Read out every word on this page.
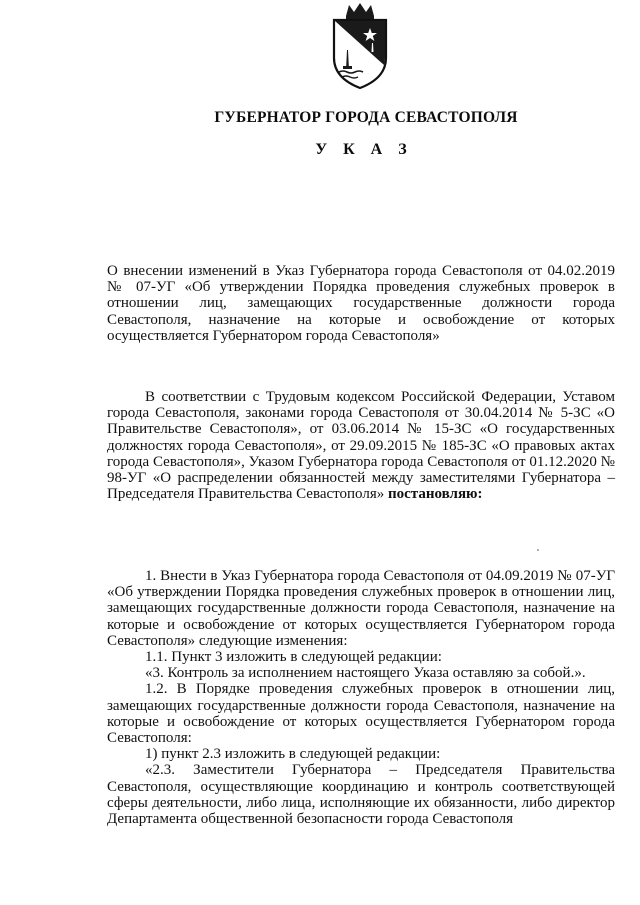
ГУБЕРНАТОР ГОРОДА СЕВАСТОПОЛЯ
У К А З

О внесении изменений в Указ Губернатора города Севастополя от 04.02.2019 № 07-УГ «Об утверждении Порядка проведения служебных проверок в отношении лиц, замещающих государственные должности города Севастополя, назначение на которые и освобождение от которых осуществляется Губернатором города Севастополя»

В соответствии с Трудовым кодексом Российской Федерации, Уставом города Севастополя, законами города Севастополя от 30.04.2014 № 5-ЗС «О Правительстве Севастополя», от 03.06.2014 № 15-ЗС «О государственных должностях города Севастополя», от 29.09.2015 № 185-ЗС «О правовых актах города Севастополя», Указом Губернатора города Севастополя от 01.12.2020 № 98-УГ «О распределении обязанностей между заместителями Губернатора – Председателя Правительства Севастополя» постановляю:

1. Внести в Указ Губернатора города Севастополя от 04.09.2019 № 07-УГ «Об утверждении Порядка проведения служебных проверок в отношении лиц, замещающих государственные должности города Севастополя, назначение на которые и освобождение от которых осуществляется Губернатором города Севастополя» следующие изменения:

1.1. Пункт 3 изложить в следующей редакции:

«3. Контроль за исполнением настоящего Указа оставляю за собой.».

1.2. В Порядке проведения служебных проверок в отношении лиц, замещающих государственные должности города Севастополя, назначение на которые и освобождение от которых осуществляется Губернатором города Севастополя:

1) пункт 2.3 изложить в следующей редакции:

«2.3. Заместители Губернатора – Председателя Правительства Севастополя, осуществляющие координацию и контроль соответствующей сферы деятельности, либо лица, исполняющие их обязанности, либо директор Департамента общественной безопасности города Севастополя
